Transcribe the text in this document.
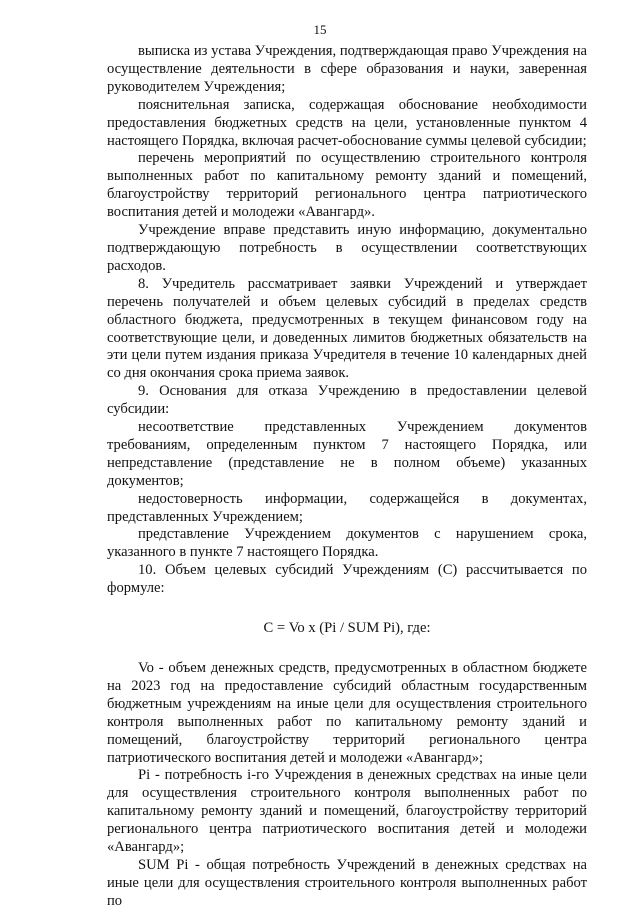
15

выписка из устава Учреждения, подтверждающая право Учреждения на осуществление деятельности в сфере образования и науки, заверенная руководителем Учреждения;

пояснительная записка, содержащая обоснование необходимости предоставления бюджетных средств на цели, установленные пунктом 4 настоящего Порядка, включая расчет-обоснование суммы целевой субсидии;

перечень мероприятий по осуществлению строительного контроля выполненных работ по капитальному ремонту зданий и помещений, благоустройству территорий регионального центра патриотического воспитания детей и молодежи «Авангард».

Учреждение вправе представить иную информацию, документально подтверждающую потребность в осуществлении соответствующих расходов.

8. Учредитель рассматривает заявки Учреждений и утверждает перечень получателей и объем целевых субсидий в пределах средств областного бюджета, предусмотренных в текущем финансовом году на соответствующие цели, и доведенных лимитов бюджетных обязательств на эти цели путем издания приказа Учредителя в течение 10 календарных дней со дня окончания срока приема заявок.

9. Основания для отказа Учреждению в предоставлении целевой субсидии:

несоответствие представленных Учреждением документов требованиям, определенным пунктом 7 настоящего Порядка, или непредставление (представление не в полном объеме) указанных документов;

недостоверность информации, содержащейся в документах, представленных Учреждением;

представление Учреждением документов с нарушением срока, указанного в пункте 7 настоящего Порядка.

10. Объем целевых субсидий Учреждениям (С) рассчитывается по формуле:

С = Vo x (Pi / SUM Pi), где:

Vo - объем денежных средств, предусмотренных в областном бюджете на 2023 год на предоставление субсидий областным государственным бюджетным учреждениям на иные цели для осуществления строительного контроля выполненных работ по капитальному ремонту зданий и помещений, благоустройству территорий регионального центра патриотического воспитания детей и молодежи «Авангард»;

Pi - потребность i-го Учреждения в денежных средствах на иные цели для осуществления строительного контроля выполненных работ по капитальному ремонту зданий и помещений, благоустройству территорий регионального центра патриотического воспитания детей и молодежи «Авангард»;

SUM Pi - общая потребность Учреждений в денежных средствах на иные цели для осуществления строительного контроля выполненных работ по
